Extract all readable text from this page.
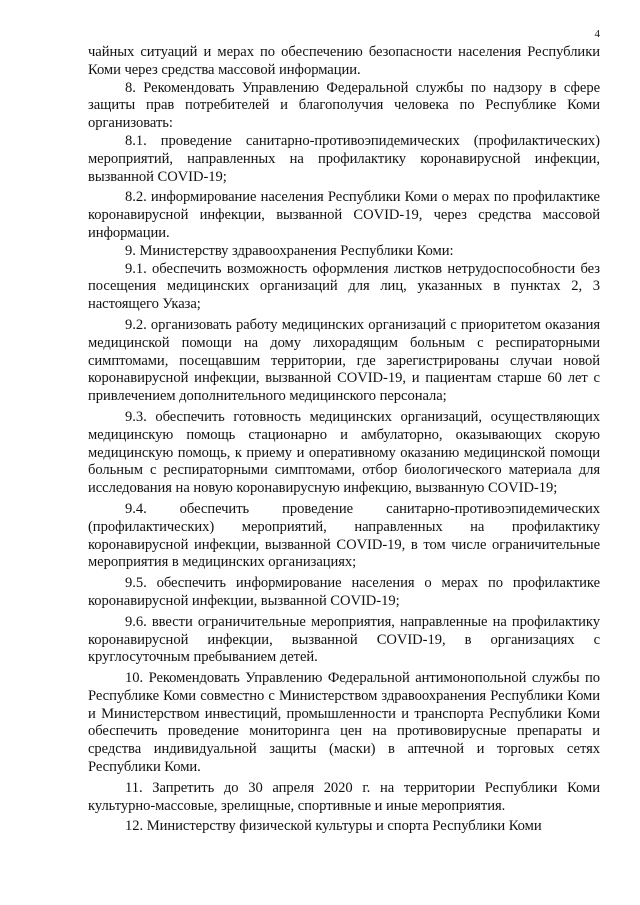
4

чайных ситуаций и мерах по обеспечению безопасности населения Республики Коми через средства массовой информации.

8. Рекомендовать Управлению Федеральной службы по надзору в сфере защиты прав потребителей и благополучия человека по Республике Коми организовать:

8.1. проведение санитарно-противоэпидемических (профилактических) мероприятий, направленных на профилактику коронавирусной инфекции, вызванной COVID-19;

8.2. информирование населения Республики Коми о мерах по профилактике коронавирусной инфекции, вызванной COVID-19, через средства массовой информации.

9. Министерству здравоохранения Республики Коми:

9.1. обеспечить возможность оформления листков нетрудоспособности без посещения медицинских организаций для лиц, указанных в пунктах 2, 3 настоящего Указа;

9.2. организовать работу медицинских организаций с приоритетом оказания медицинской помощи на дому лихорадящим больным с респираторными симптомами, посещавшим территории, где зарегистрированы случаи новой коронавирусной инфекции, вызванной COVID-19, и пациентам старше 60 лет с привлечением дополнительного медицинского персонала;

9.3. обеспечить готовность медицинских организаций, осуществляющих медицинскую помощь стационарно и амбулаторно, оказывающих скорую медицинскую помощь, к приему и оперативному оказанию медицинской помощи больным с респираторными симптомами, отбор биологического материала для исследования на новую коронавирусную инфекцию, вызванную COVID-19;

9.4. обеспечить проведение санитарно-противоэпидемических (профилактических) мероприятий, направленных на профилактику коронавирусной инфекции, вызванной COVID-19, в том числе ограничительные мероприятия в медицинских организациях;

9.5. обеспечить информирование населения о мерах по профилактике коронавирусной инфекции, вызванной COVID-19;

9.6. ввести ограничительные мероприятия, направленные на профилактику коронавирусной инфекции, вызванной COVID-19, в организациях с круглосуточным пребыванием детей.

10. Рекомендовать Управлению Федеральной антимонопольной службы по Республике Коми совместно с Министерством здравоохранения Республики Коми и Министерством инвестиций, промышленности и транспорта Республики Коми обеспечить проведение мониторинга цен на противовирусные препараты и средства индивидуальной защиты (маски) в аптечной и торговых сетях Республики Коми.

11. Запретить до 30 апреля 2020 г. на территории Республики Коми культурно-массовые, зрелищные, спортивные и иные мероприятия.

12. Министерству физической культуры и спорта Республики Коми
